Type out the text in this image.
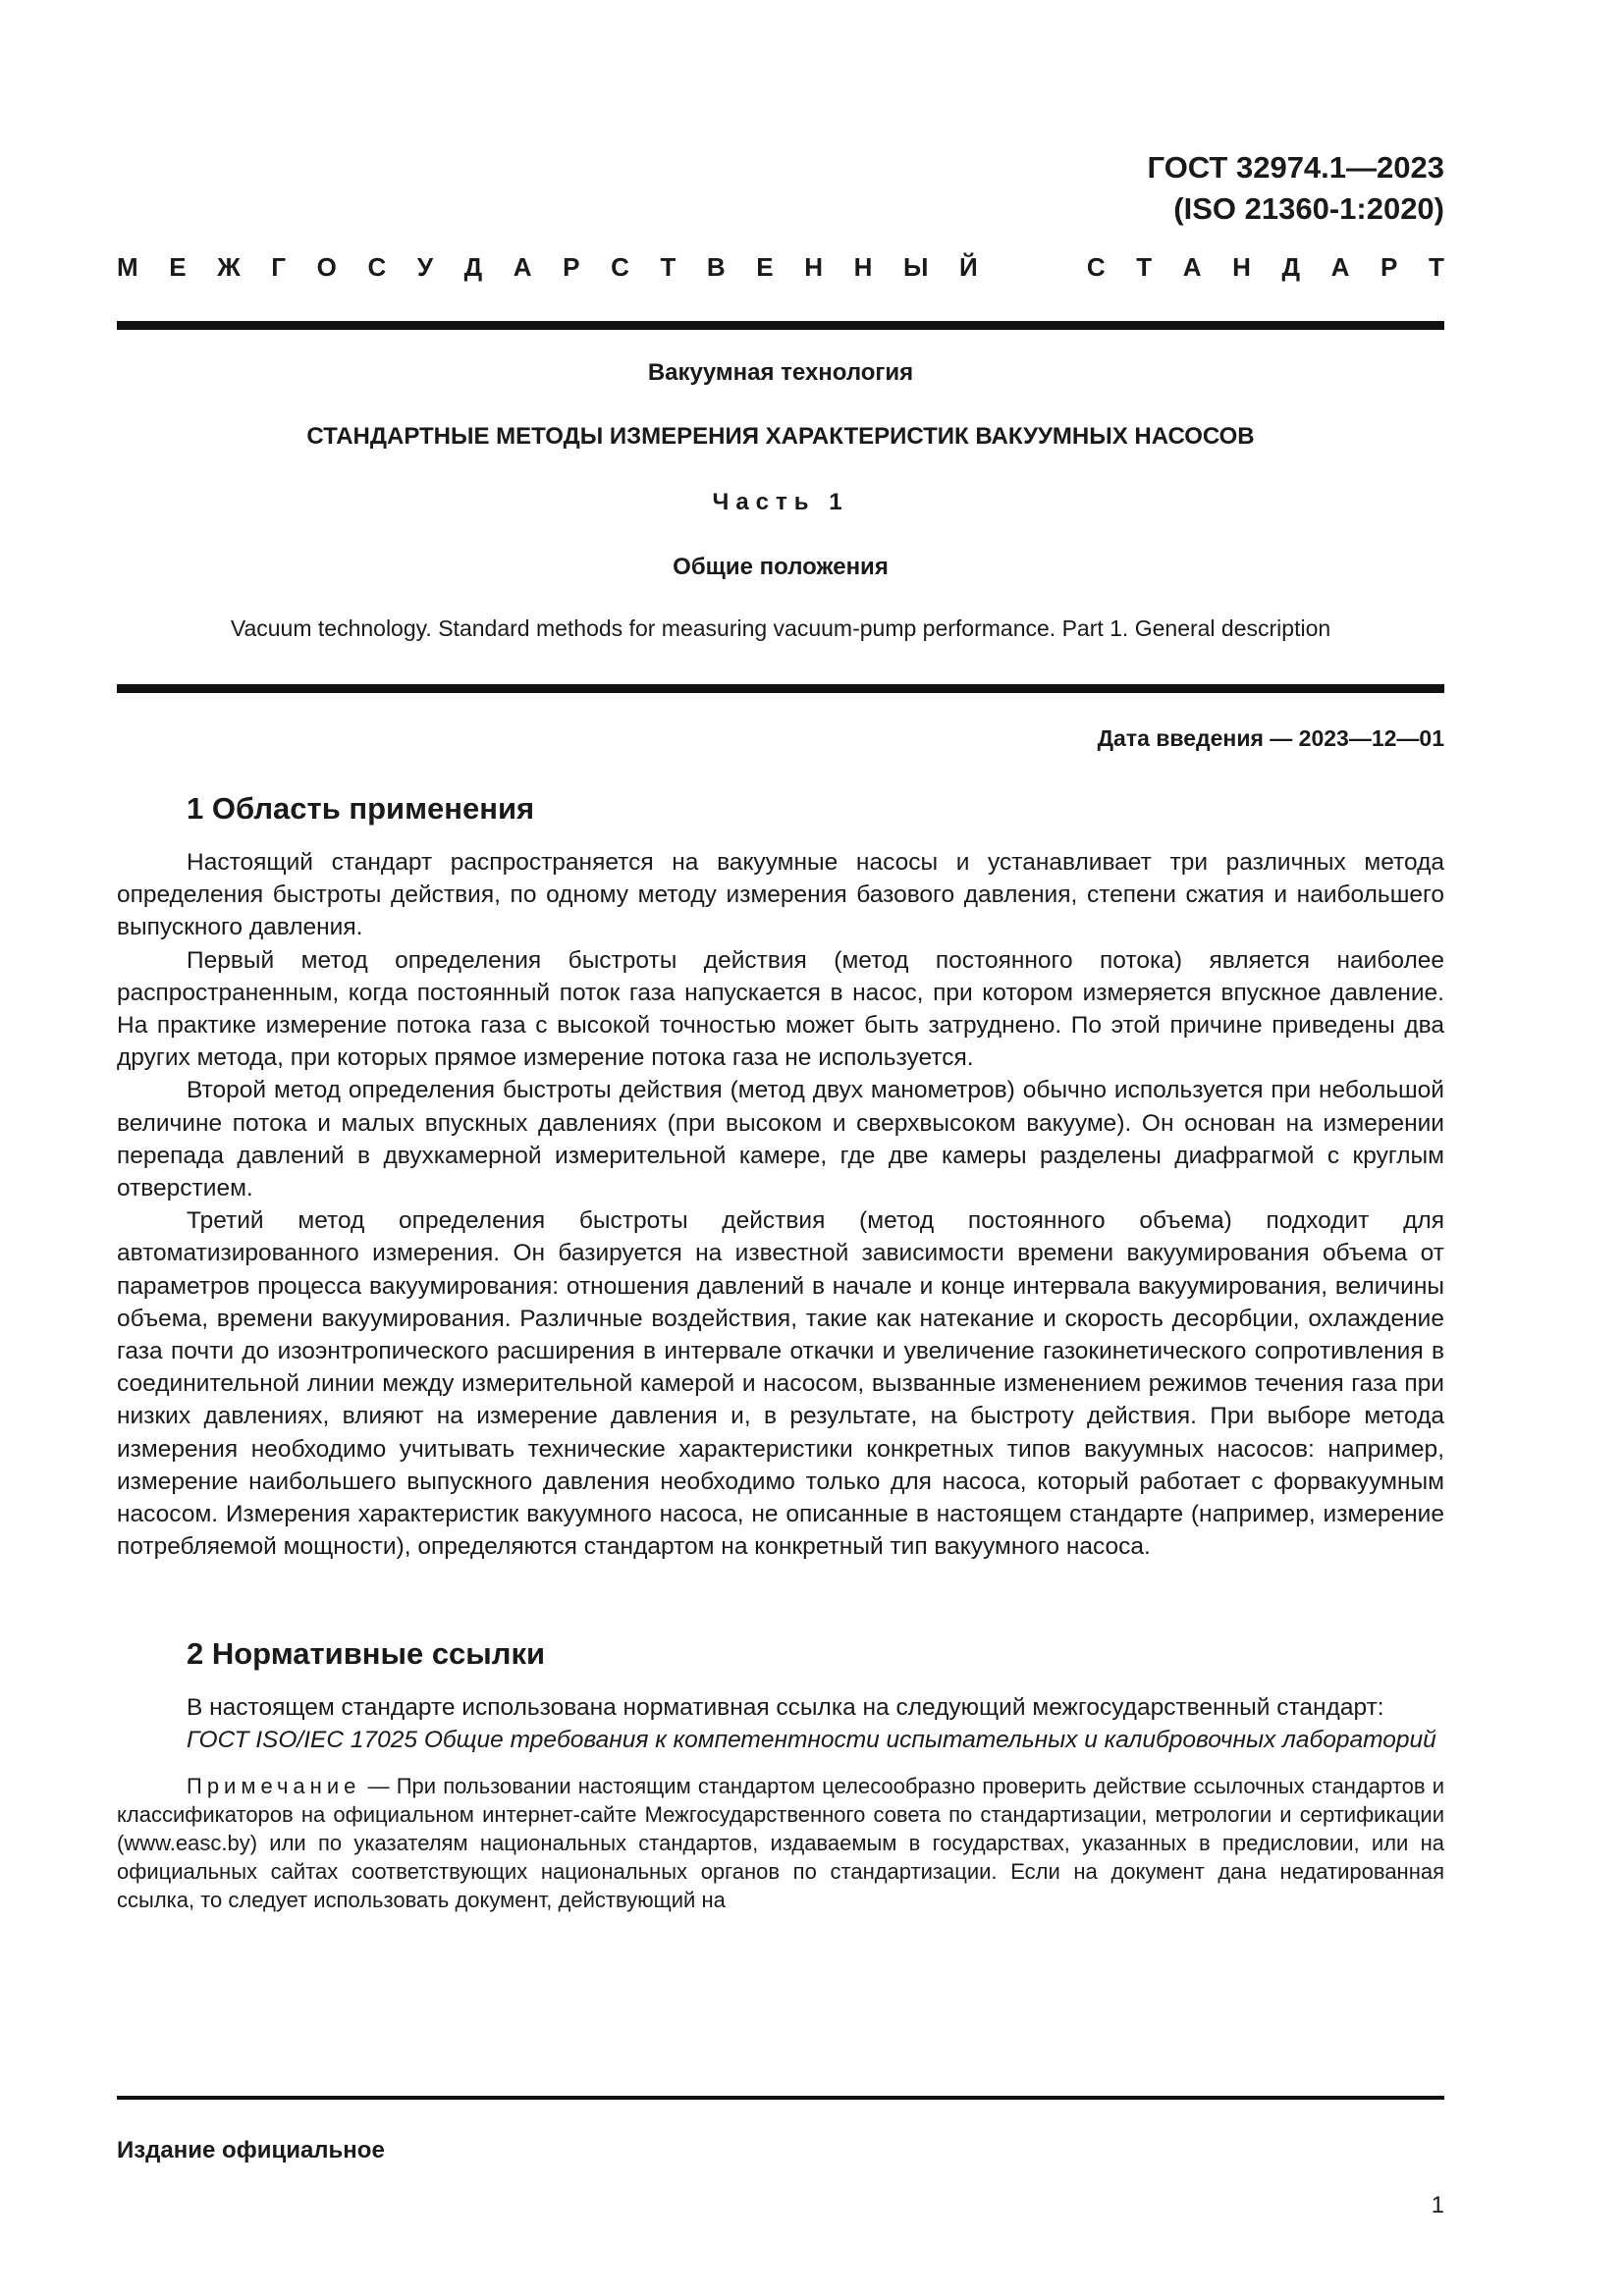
ГОСТ 32974.1—2023
(ISO 21360-1:2020)
М Е Ж Г О С У Д А Р С Т В Е Н Н Ы Й	С Т А Н Д А Р Т
Вакуумная технология
СТАНДАРТНЫЕ МЕТОДЫ ИЗМЕРЕНИЯ ХАРАКТЕРИСТИК ВАКУУМНЫХ НАСОСОВ
Часть 1
Общие положения
Vacuum technology. Standard methods for measuring vacuum-pump performance. Part 1. General description
Дата введения — 2023—12—01
1 Область применения

Настоящий стандарт распространяется на вакуумные насосы и устанавливает три различных метода определения быстроты действия, по одному методу измерения базового давления, степени сжатия и наибольшего выпускного давления.

Первый метод определения быстроты действия (метод постоянного потока) является наиболее распространенным, когда постоянный поток газа напускается в насос, при котором измеряется впускное давление. На практике измерение потока газа с высокой точностью может быть затруднено. По этой причине приведены два других метода, при которых прямое измерение потока газа не используется.

Второй метод определения быстроты действия (метод двух манометров) обычно используется при небольшой величине потока и малых впускных давлениях (при высоком и сверхвысоком вакууме). Он основан на измерении перепада давлений в двухкамерной измерительной камере, где две камеры разделены диафрагмой с круглым отверстием.

Третий метод определения быстроты действия (метод постоянного объема) подходит для автоматизированного измерения. Он базируется на известной зависимости времени вакуумирования объема от параметров процесса вакуумирования: отношения давлений в начале и конце интервала вакуумирования, величины объема, времени вакуумирования. Различные воздействия, такие как натекание и скорость десорбции, охлаждение газа почти до изоэнтропического расширения в интервале откачки и увеличение газокинетического сопротивления в соединительной линии между измерительной камерой и насосом, вызванные изменением режимов течения газа при низких давлениях, влияют на измерение давления и, в результате, на быстроту действия. При выборе метода измерения необходимо учитывать технические характеристики конкретных типов вакуумных насосов: например, измерение наибольшего выпускного давления необходимо только для насоса, который работает с форвакуумным насосом. Измерения характеристик вакуумного насоса, не описанные в настоящем стандарте (например, измерение потребляемой мощности), определяются стандартом на конкретный тип вакуумного насоса.

2 Нормативные ссылки

В настоящем стандарте использована нормативная ссылка на следующий межгосударственный стандарт:

ГОСТ ISO/IEC 17025 Общие требования к компетентности испытательных и калибровочных лабораторий

Примечание — При пользовании настоящим стандартом целесообразно проверить действие ссылочных стандартов и классификаторов на официальном интернет-сайте Межгосударственного совета по стандартизации, метрологии и сертификации (www.easc.by) или по указателям национальных стандартов, издаваемым в государствах, указанных в предисловии, или на официальных сайтах соответствующих национальных органов по стандартизации. Если на документ дана недатированная ссылка, то следует использовать документ, действующий на

Издание официальное
1
